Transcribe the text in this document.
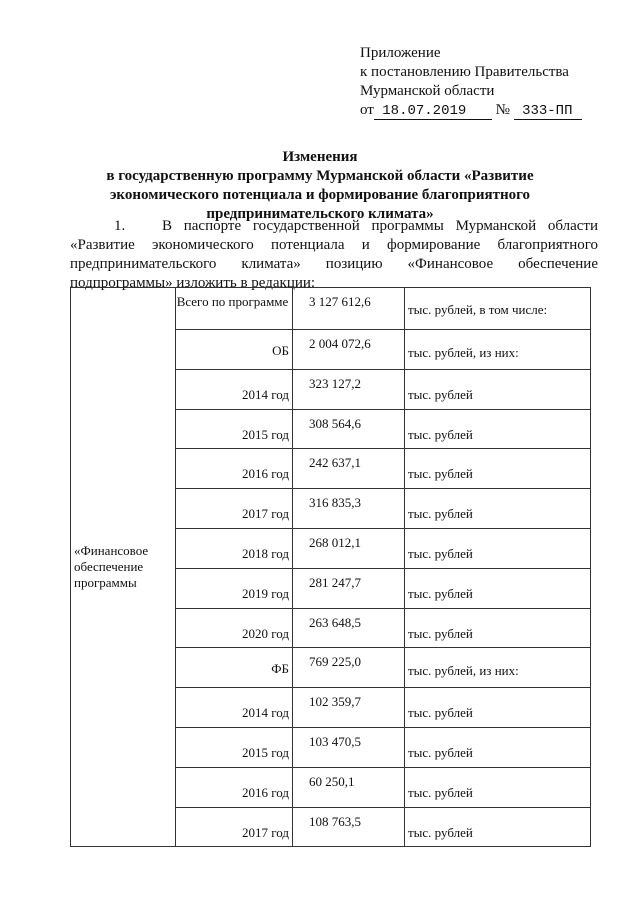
Приложение
к постановлению Правительства
Мурманской области
от 18.07.2019 № 333-ПП
Изменения
в государственную программу Мурманской области «Развитие
экономического потенциала и формирование благоприятного
предпринимательского климата»
1. В паспорте государственной программы Мурманской области
«Развитие экономического потенциала и формирование благоприятного
предпринимательского климата» позицию «Финансовое обеспечение
подпрограммы» изложить в редакции:
«Финансовое обеспечение программы	Всего по программе	3 127 612,6	тыс. рублей, в том числе:
	ОБ	2 004 072,6	тыс. рублей, из них:
	2014 год	323 127,2	тыс. рублей
	2015 год	308 564,6	тыс. рублей
	2016 год	242 637,1	тыс. рублей
	2017 год	316 835,3	тыс. рублей
	2018 год	268 012,1	тыс. рублей
	2019 год	281 247,7	тыс. рублей
	2020 год	263 648,5	тыс. рублей
	ФБ	769 225,0	тыс. рублей, из них:
	2014 год	102 359,7	тыс. рублей
	2015 год	103 470,5	тыс. рублей
	2016 год	60 250,1	тыс. рублей
	2017 год	108 763,5	тыс. рублей
